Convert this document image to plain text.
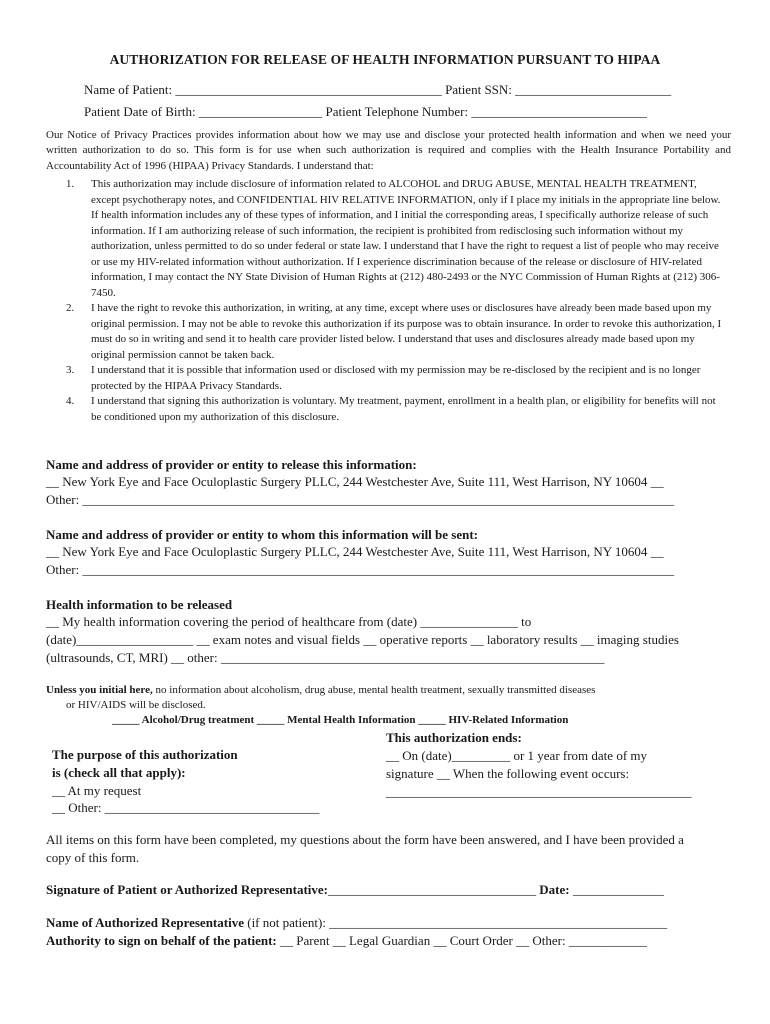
AUTHORIZATION FOR RELEASE OF HEALTH INFORMATION PURSUANT TO HIPAA
Name of Patient: _________________________________________ Patient SSN: ________________________
Patient Date of Birth: ___________________ Patient Telephone Number: ___________________________

Our Notice of Privacy Practices provides information about how we may use and disclose your protected health information and when we need your written authorization to do so. This form is for use when such authorization is required and complies with the Health Insurance Portability and Accountability Act of 1996 (HIPAA) Privacy Standards. I understand that:

1. This authorization may include disclosure of information related to ALCOHOL and DRUG ABUSE, MENTAL HEALTH TREATMENT, except psychotherapy notes, and CONFIDENTIAL HIV RELATIVE INFORMATION, only if I place my initials in the appropriate line below. If health information includes any of these types of information, and I initial the corresponding areas, I specifically authorize release of such information. If I am authorizing release of such information, the recipient is prohibited from redisclosing such information without my authorization, unless permitted to do so under federal or state law. I understand that I have the right to request a list of people who may receive or use my HIV-related information without authorization. If I experience discrimination because of the release or disclosure of HIV-related information, I may contact the NY State Division of Human Rights at (212) 480-2493 or the NYC Commission of Human Rights at (212) 306-7450.
2. I have the right to revoke this authorization, in writing, at any time, except where uses or disclosures have already been made based upon my original permission. I may not be able to revoke this authorization if its purpose was to obtain insurance. In order to revoke this authorization, I must do so in writing and send it to health care provider listed below. I understand that uses and disclosures already made based upon my original permission cannot be taken back.
3. I understand that it is possible that information used or disclosed with my permission may be re-disclosed by the recipient and is no longer protected by the HIPAA Privacy Standards.
4. I understand that signing this authorization is voluntary. My treatment, payment, enrollment in a health plan, or eligibility for benefits will not be conditioned upon my authorization of this disclosure.
Name and address of provider or entity to release this information:
__ New York Eye and Face Oculoplastic Surgery PLLC, 244 Westchester Ave, Suite 111, West Harrison, NY 10604 __
Other: ___________________________________________________________________________________________
Name and address of provider or entity to whom this information will be sent:
__ New York Eye and Face Oculoplastic Surgery PLLC, 244 Westchester Ave, Suite 111, West Harrison, NY 10604 __
Other: ___________________________________________________________________________________________
Health information to be released
__ My health information covering the period of healthcare from (date) _______________ to
(date)__________________ __ exam notes and visual fields __ operative reports __ laboratory results __ imaging studies
(ultrasounds, CT, MRI) __ other: ___________________________________________________________
Unless you initial here, no information about alcoholism, drug abuse, mental health treatment, sexually transmitted diseases
or HIV/AIDS will be disclosed.
_____ Alcohol/Drug treatment _____ Mental Health Information _____ HIV-Related Information
This authorization ends:
__ On (date)_________ or 1 year from date of my
signature __ When the following event occurs:
_______________________________________________
The purpose of this authorization
is (check all that apply):
__ At my request
__ Other: _________________________________
All items on this form have been completed, my questions about the form have been answered, and I have been provided a
copy of this form.
Signature of Patient or Authorized Representative:________________________________ Date: ______________
Name of Authorized Representative (if not patient): ____________________________________________________
Authority to sign on behalf of the patient: __ Parent __ Legal Guardian __ Court Order __ Other: ____________
